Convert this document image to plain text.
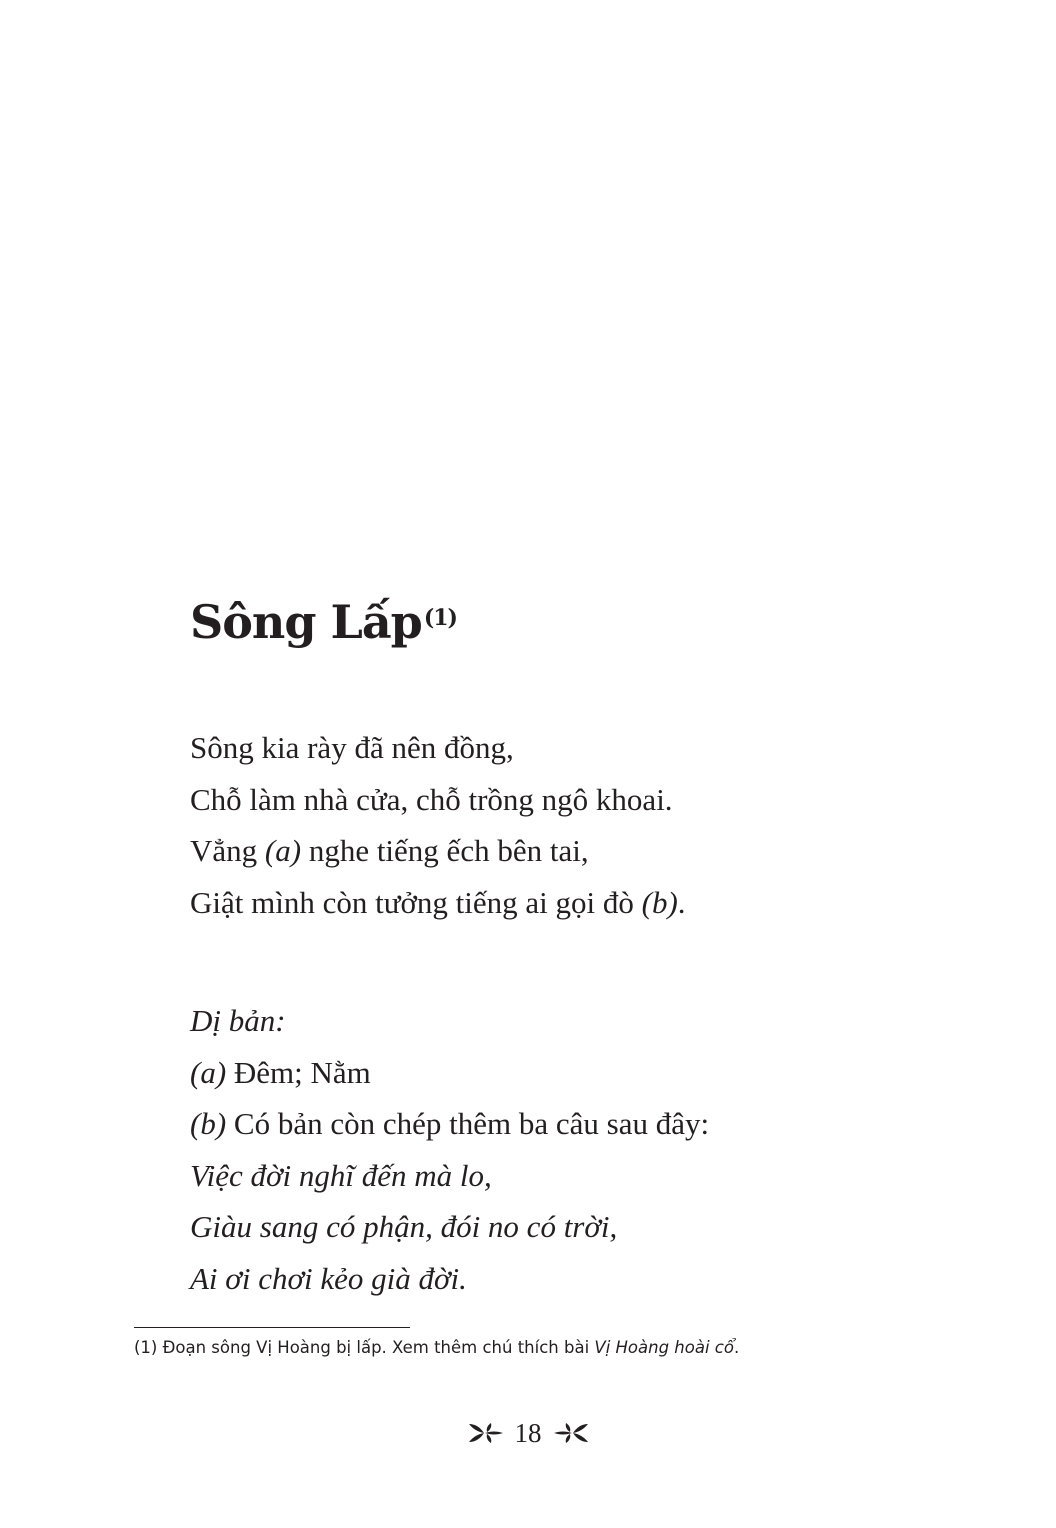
Sông Lấp$^{(1)}$
Sông kia rày đã nên đồng,
Chỗ làm nhà cửa, chỗ trồng ngô khoai.
Vẳng (a) nghe tiếng ếch bên tai,
Giật mình còn tưởng tiếng ai gọi đò (b).
Dị bản:
(a) Đêm; Nằm
(b) Có bản còn chép thêm ba câu sau đây:
Việc đời nghĩ đến mà lo,
Giàu sang có phận, đói no có trời,
Ai ơi chơi kẻo già đời.
(1) Đoạn sông Vị Hoàng bị lấp. Xem thêm chú thích bài Vị Hoàng hoài cổ.
18
